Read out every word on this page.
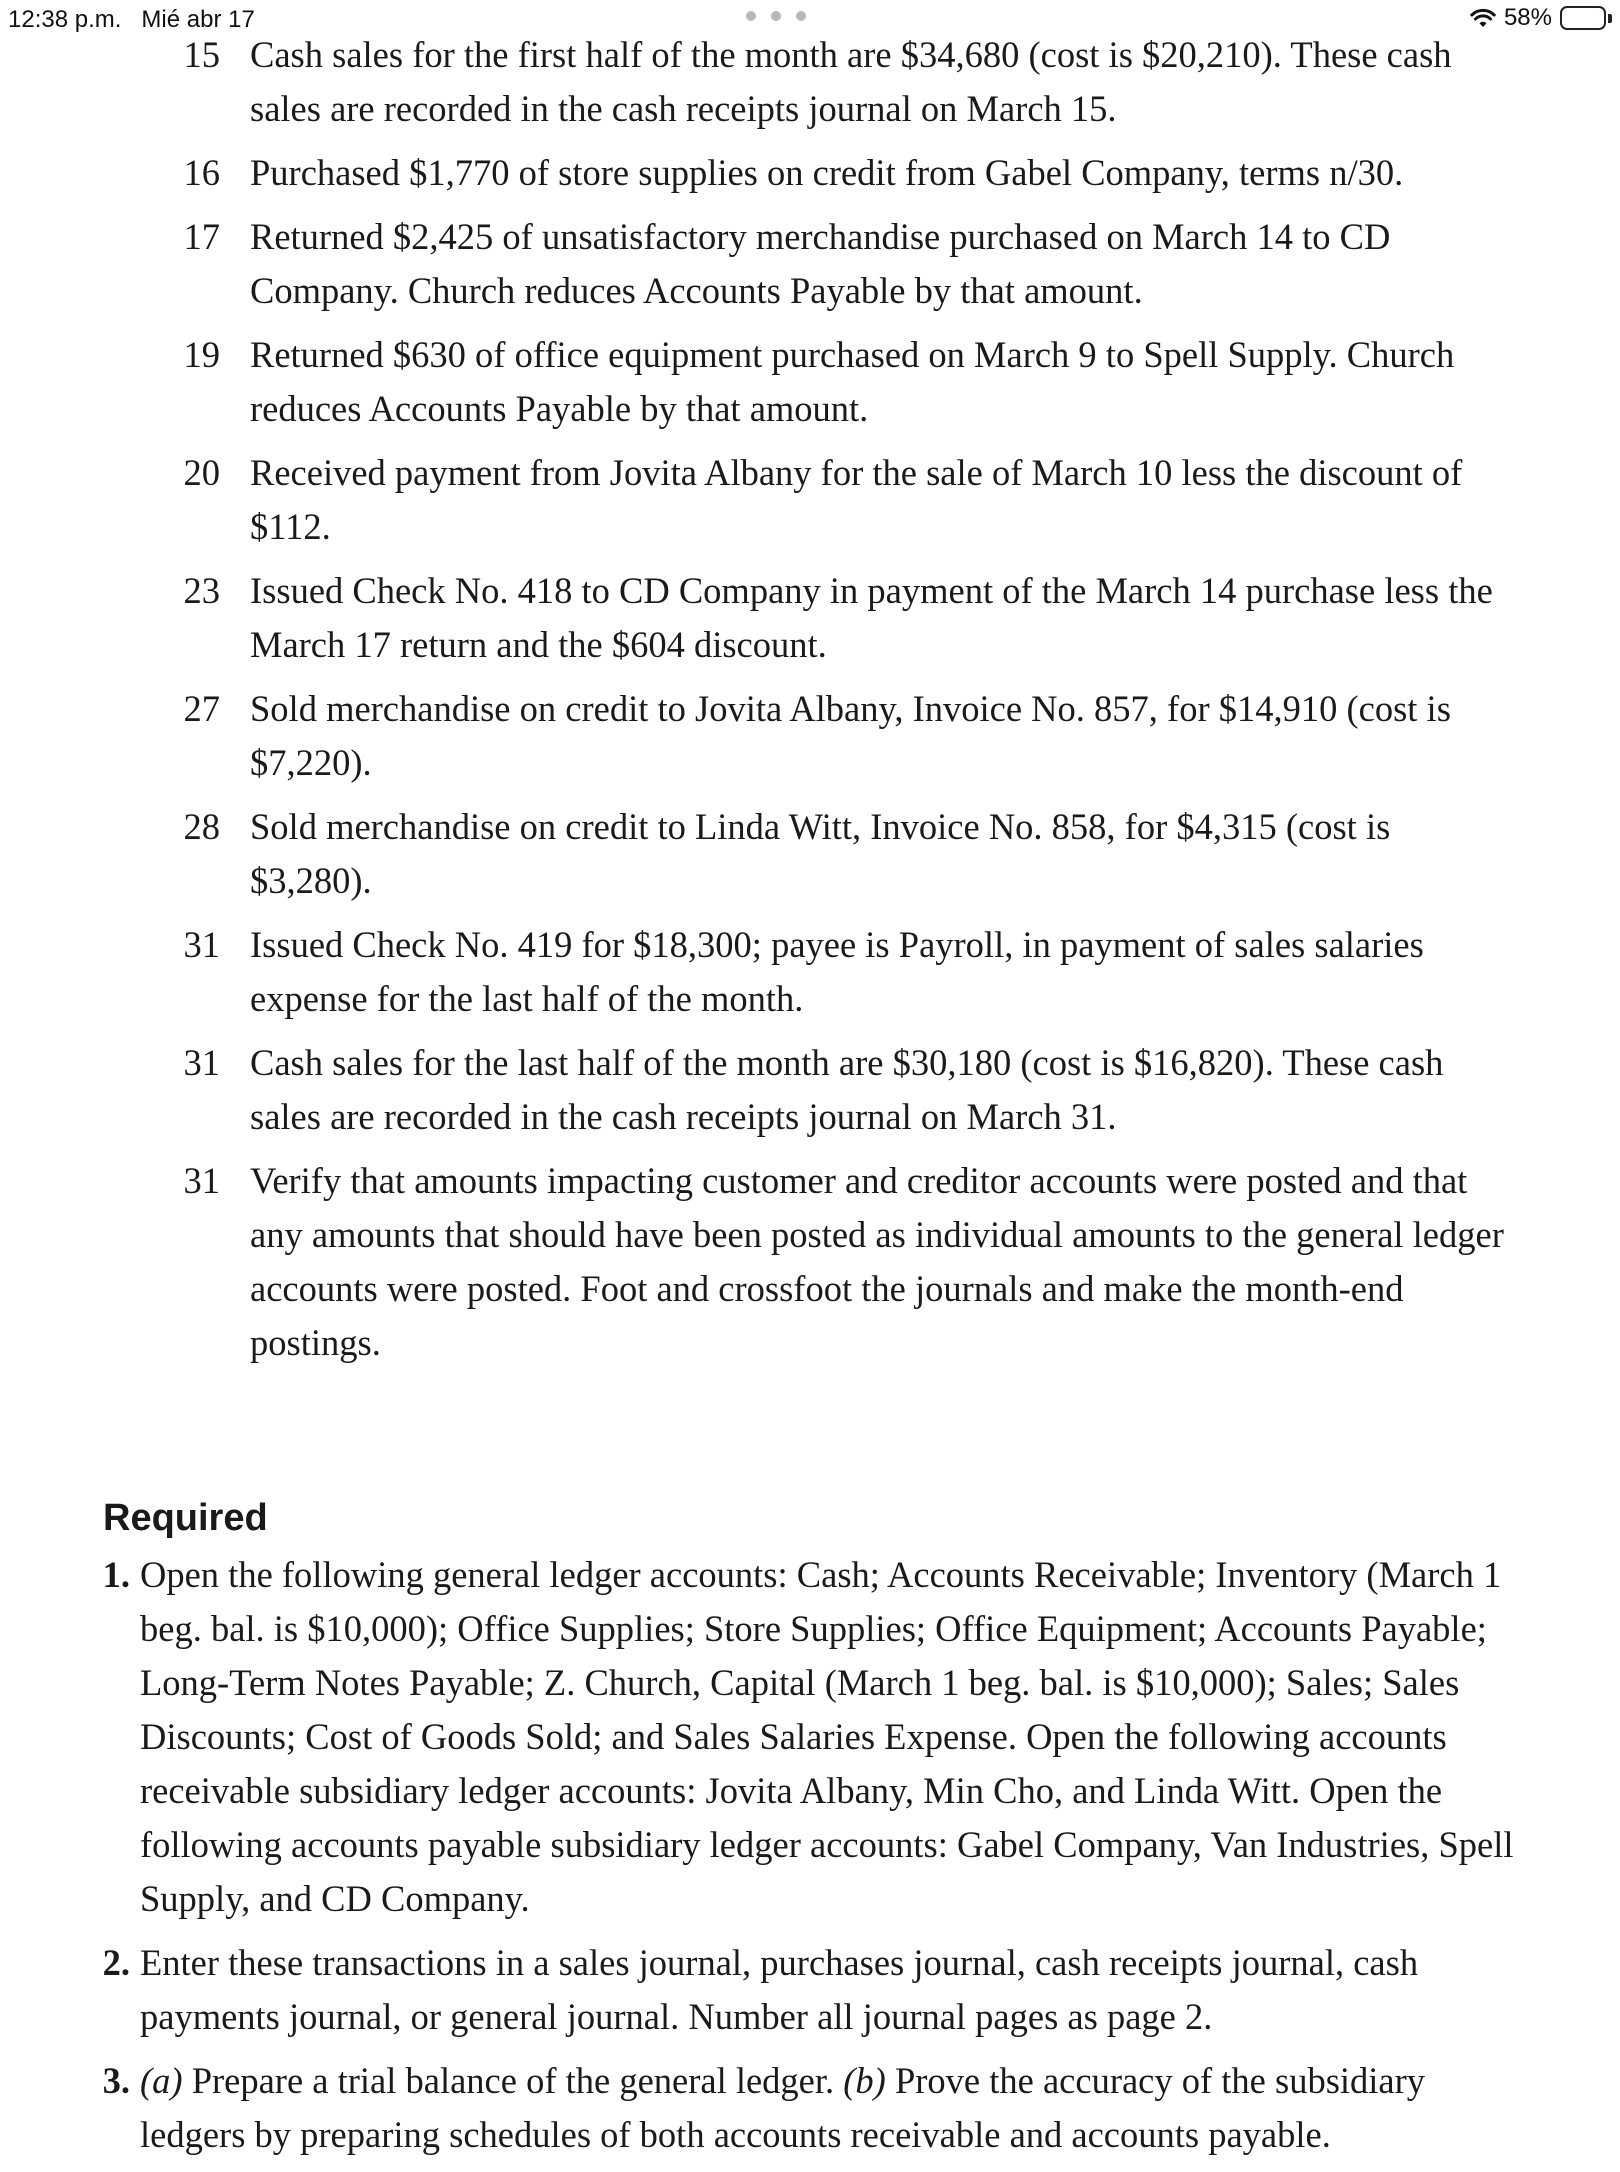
12:38 p.m. Mié abr 17	58%
15 Cash sales for the first half of the month are $34,680 (cost is $20,210). These cash sales are recorded in the cash receipts journal on March 15.
16 Purchased $1,770 of store supplies on credit from Gabel Company, terms n/30.
17 Returned $2,425 of unsatisfactory merchandise purchased on March 14 to CD Company. Church reduces Accounts Payable by that amount.
19 Returned $630 of office equipment purchased on March 9 to Spell Supply. Church reduces Accounts Payable by that amount.
20 Received payment from Jovita Albany for the sale of March 10 less the discount of $112.
23 Issued Check No. 418 to CD Company in payment of the March 14 purchase less the March 17 return and the $604 discount.
27 Sold merchandise on credit to Jovita Albany, Invoice No. 857, for $14,910 (cost is $7,220).
28 Sold merchandise on credit to Linda Witt, Invoice No. 858, for $4,315 (cost is $3,280).
31 Issued Check No. 419 for $18,300; payee is Payroll, in payment of sales salaries expense for the last half of the month.
31 Cash sales for the last half of the month are $30,180 (cost is $16,820). These cash sales are recorded in the cash receipts journal on March 31.
31 Verify that amounts impacting customer and creditor accounts were posted and that any amounts that should have been posted as individual amounts to the general ledger accounts were posted. Foot and crossfoot the journals and make the month-end postings.
Required
1. Open the following general ledger accounts: Cash; Accounts Receivable; Inventory (March 1 beg. bal. is $10,000); Office Supplies; Store Supplies; Office Equipment; Accounts Payable; Long-Term Notes Payable; Z. Church, Capital (March 1 beg. bal. is $10,000); Sales; Sales Discounts; Cost of Goods Sold; and Sales Salaries Expense. Open the following accounts receivable subsidiary ledger accounts: Jovita Albany, Min Cho, and Linda Witt. Open the following accounts payable subsidiary ledger accounts: Gabel Company, Van Industries, Spell Supply, and CD Company.
2. Enter these transactions in a sales journal, purchases journal, cash receipts journal, cash payments journal, or general journal. Number all journal pages as page 2.
3. (a) Prepare a trial balance of the general ledger. (b) Prove the accuracy of the subsidiary ledgers by preparing schedules of both accounts receivable and accounts payable.
